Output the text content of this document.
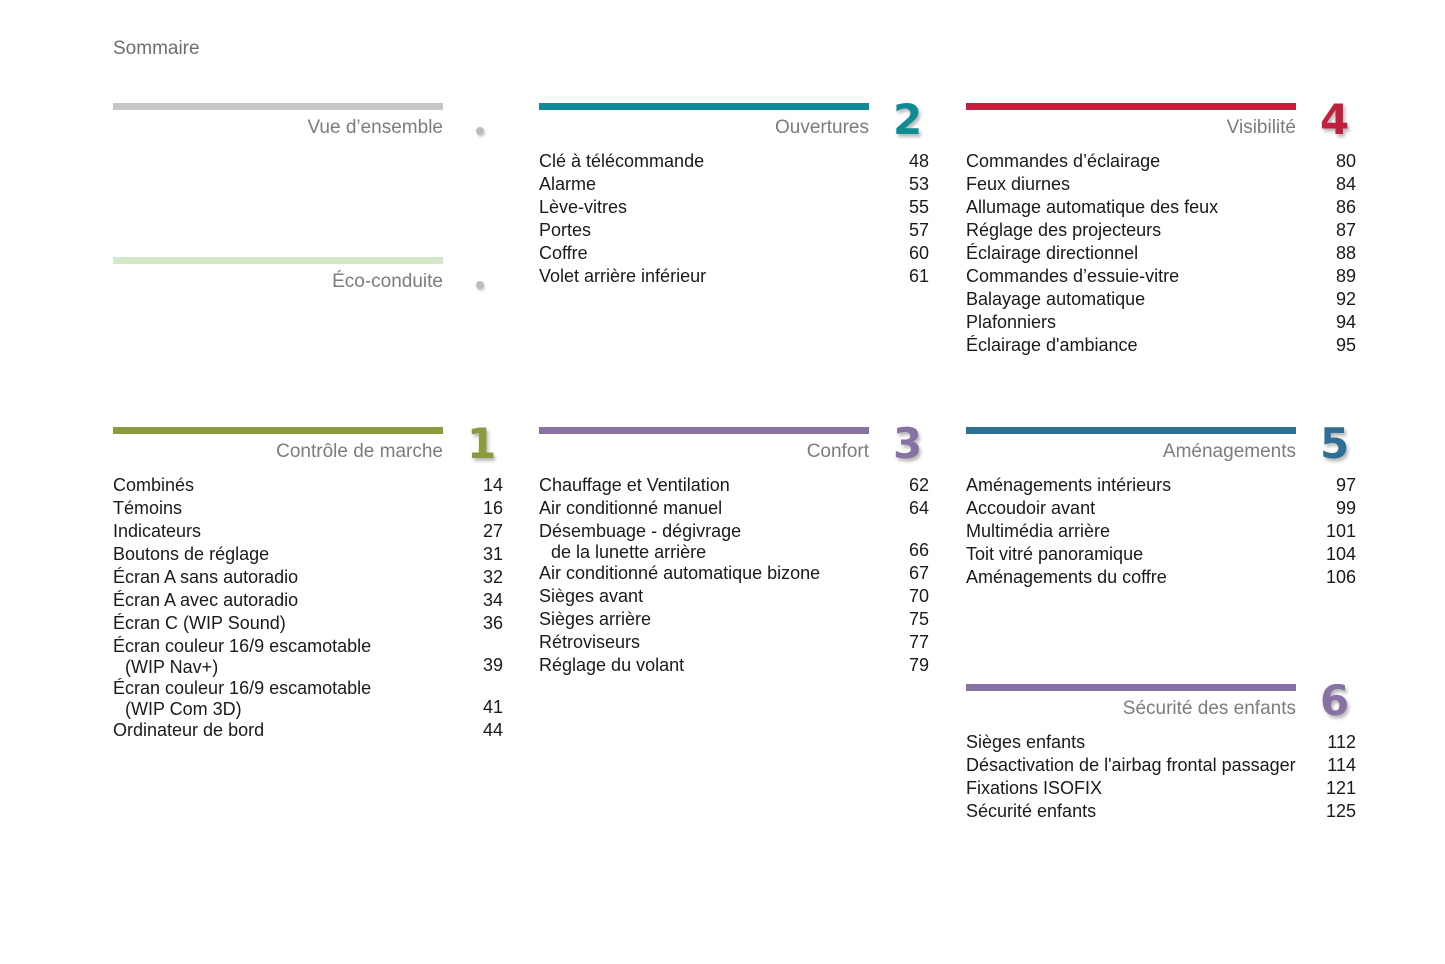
Sommaire
Vue d’ensemble
Éco-conduite
Ouvertures 2
Clé à télécommande	48
Alarme	53
Lève-vitres	55
Portes	57
Coffre	60
Volet arrière inférieur	61
Visibilité 4
Commandes d’éclairage	80
Feux diurnes	84
Allumage automatique des feux	86
Réglage des projecteurs	87
Éclairage directionnel	88
Commandes d’essuie-vitre	89
Balayage automatique	92
Plafonniers	94
Éclairage d'ambiance	95
Contrôle de marche 1
Combinés	14
Témoins	16
Indicateurs	27
Boutons de réglage	31
Écran A sans autoradio	32
Écran A avec autoradio	34
Écran C (WIP Sound)	36
Écran couleur 16/9 escamotable
(WIP Nav+)	39
Écran couleur 16/9 escamotable
(WIP Com 3D)	41
Ordinateur de bord	44
Confort 3
Chauffage et Ventilation	62
Air conditionné manuel	64
Désembuage - dégivrage
de la lunette arrière	66
Air conditionné automatique bizone	67
Sièges avant	70
Sièges arrière	75
Rétroviseurs	77
Réglage du volant	79
Aménagements 5
Aménagements intérieurs	97
Accoudoir avant	99
Multimédia arrière	101
Toit vitré panoramique	104
Aménagements du coffre	106
Sécurité des enfants 6
Sièges enfants	112
Désactivation de l'airbag frontal passager	114
Fixations ISOFIX	121
Sécurité enfants	125
